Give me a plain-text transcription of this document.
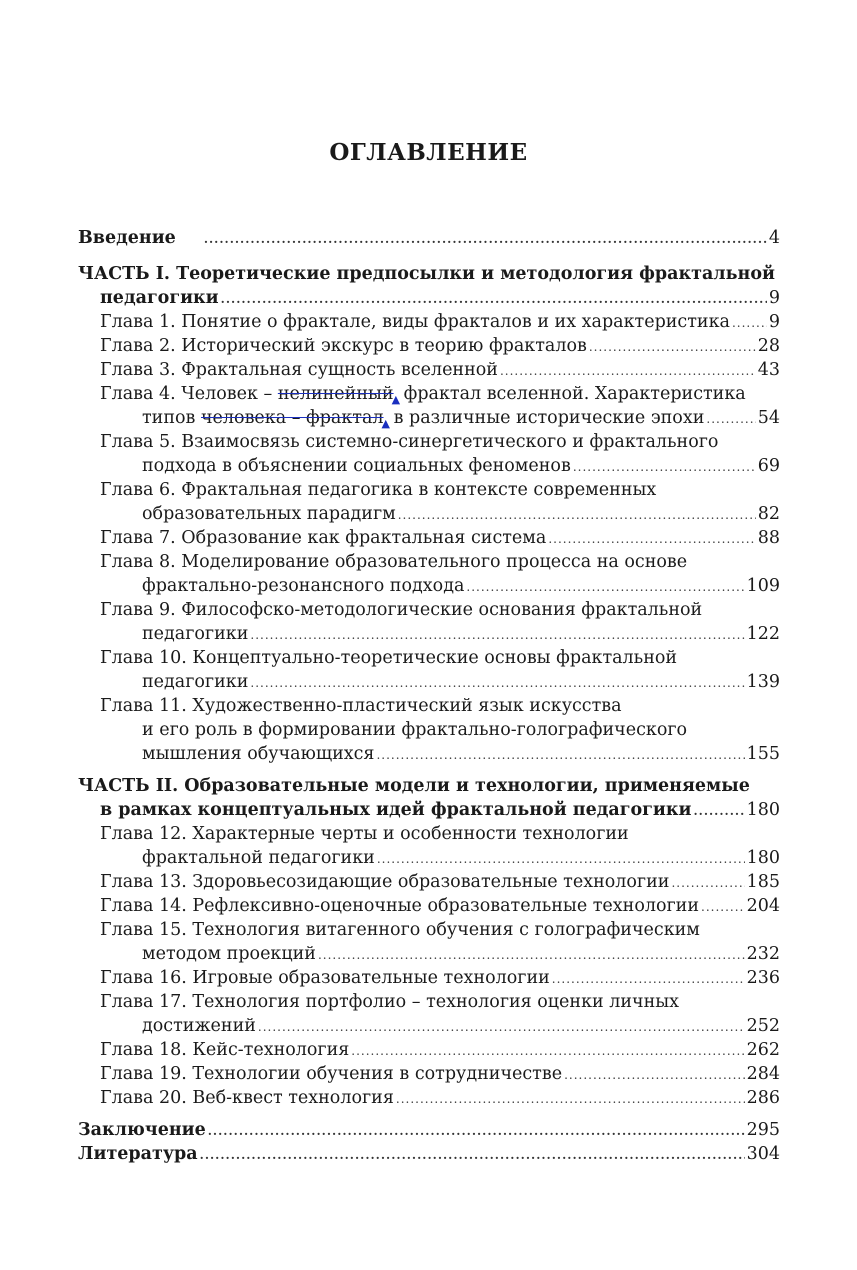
ОГЛАВЛЕНИЕ
Введение .....	4
ЧАСТЬ I. Теоретические предпосылки и методология фрактальной
педагогики .....	9
Глава 1. Понятие о фрактале, виды фракталов и их характеристика ..... 9
Глава 2. Исторический экскурс в теорию фракталов .....	28
Глава 3. Фрактальная сущность вселенной .....	43
Глава 4. Человек – нелинейный$_▲$ фрактал вселенной. Характеристика
типов человека – фрактал$_▲$ в различные исторические эпохи .....	54
Глава 5. Взаимосвязь системно-синергетического и фрактального
подхода в объяснении социальных феноменов .....	69
Глава 6. Фрактальная педагогика в контексте современных
образовательных парадигм .....	82
Глава 7. Образование как фрактальная система .....	88
Глава 8. Моделирование образовательного процесса на основе
фрактально-резонансного подхода .....	109
Глава 9. Философско-методологические основания фрактальной
педагогики .....	122
Глава 10. Концептуально-теоретические основы фрактальной
педагогики .....	139
Глава 11. Художественно-пластический язык искусства
и его роль в формировании фрактально-голографического
мышления обучающихся .....	155
ЧАСТЬ II. Образовательные модели и технологии, применяемые
в рамках концептуальных идей фрактальной педагогики .....	180
Глава 12. Характерные черты и особенности технологии
фрактальной педагогики .....	180
Глава 13. Здоровьесозидающие образовательные технологии .....	185
Глава 14. Рефлексивно-оценочные образовательные технологии .....	204
Глава 15. Технология витагенного обучения с голографическим
методом проекций .....	232
Глава 16. Игровые образовательные технологии .....	236
Глава 17. Технология портфолио – технология оценки личных
достижений .....	252
Глава 18. Кейс-технология .....	262
Глава 19. Технологии обучения в сотрудничестве .....	284
Глава 20. Веб-квест технология .....	286
Заключение .....	295
Литература .....	304
